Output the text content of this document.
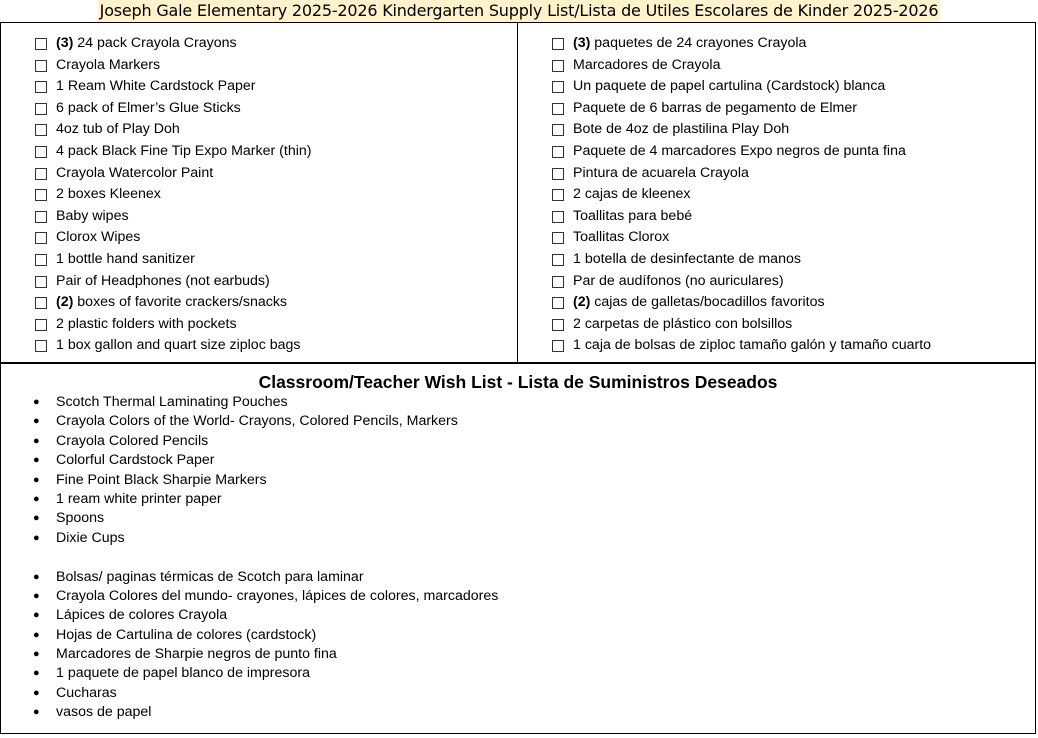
Joseph Gale Elementary 2025-2026 Kindergarten Supply List/Lista de Utiles Escolares de Kinder 2025-2026
(3) 24 pack Crayola Crayons
Crayola Markers
1 Ream White Cardstock Paper
6 pack of Elmer’s Glue Sticks
4oz tub of Play Doh
4 pack Black Fine Tip Expo Marker (thin)
Crayola Watercolor Paint
2 boxes Kleenex
Baby wipes
Clorox Wipes
1 bottle hand sanitizer
Pair of Headphones (not earbuds)
(2) boxes of favorite crackers/snacks
2 plastic folders with pockets
1 box gallon and quart size ziploc bags
(3) paquetes de 24 crayones Crayola
Marcadores de Crayola
Un paquete de papel cartulina (Cardstock) blanca
Paquete de 6 barras de pegamento de Elmer
Bote de 4oz de plastilina Play Doh
Paquete de 4 marcadores Expo negros de punta fina
Pintura de acuarela Crayola
2 cajas de kleenex
Toallitas para bebé
Toallitas Clorox
1 botella de desinfectante de manos
Par de audífonos (no auriculares)
(2) cajas de galletas/bocadillos favoritos
2 carpetas de plástico con bolsillos
1 caja de bolsas de ziploc tamaño galón y tamaño cuarto
Classroom/Teacher Wish List - Lista de Suministros Deseados
● Scotch Thermal Laminating Pouches
● Crayola Colors of the World- Crayons, Colored Pencils, Markers
● Crayola Colored Pencils
● Colorful Cardstock Paper
● Fine Point Black Sharpie Markers
● 1 ream white printer paper
● Spoons
● Dixie Cups
● Bolsas/ paginas térmicas de Scotch para laminar
● Crayola Colores del mundo- crayones, lápices de colores, marcadores
● Lápices de colores Crayola
● Hojas de Cartulina de colores (cardstock)
● Marcadores de Sharpie negros de punto fina
● 1 paquete de papel blanco de impresora
● Cucharas
● vasos de papel
